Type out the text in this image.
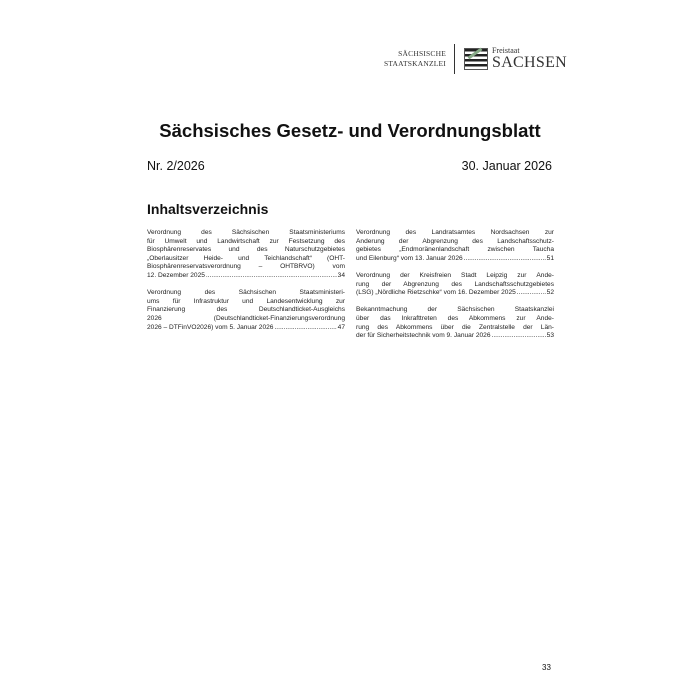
SÄCHSISCHE
STAATSKANZLEI
Freistaat
SACHSEN
Sächsisches Gesetz- und Verordnungsblatt
Nr. 2/2026	30. Januar 2026
Inhaltsverzeichnis
Verordnung des Sächsischen Staatsministeriums
für Umwelt und Landwirtschaft zur Festsetzung des
Biosphärenreservates und des Naturschutzgebietes
„Oberlausitzer Heide- und Teichlandschaft“ (OHT-
Biosphärenreservatsverordnung – OHTBRVO) vom
12. Dezember 2025 .....	34
Verordnung des Sächsischen Staatsministeri-
ums für Infrastruktur und Landesentwicklung zur
Finanzierung des Deutschlandticket-Ausgleichs
2026 (Deutschlandticket-Finanzierungsverordnung
2026 – DTFinVO2026) vom 5. Januar 2026 .....	47
Verordnung des Landratsamtes Nordsachsen zur
Änderung der Abgrenzung des Landschaftsschutz-
gebietes „Endmoränenlandschaft zwischen Taucha
und Eilenburg“ vom 13. Januar 2026 .....	51
Verordnung der Kreisfreien Stadt Leipzig zur Ände-
rung der Abgrenzung des Landschaftsschutzgebietes
(LSG) „Nördliche Rietzschke“ vom 16. Dezember 2025 .....	52
Bekanntmachung der Sächsischen Staatskanzlei
über das Inkrafttreten des Abkommens zur Ände-
rung des Abkommens über die Zentralstelle der Län-
der für Sicherheitstechnik vom 9. Januar 2026 .....	53
33
